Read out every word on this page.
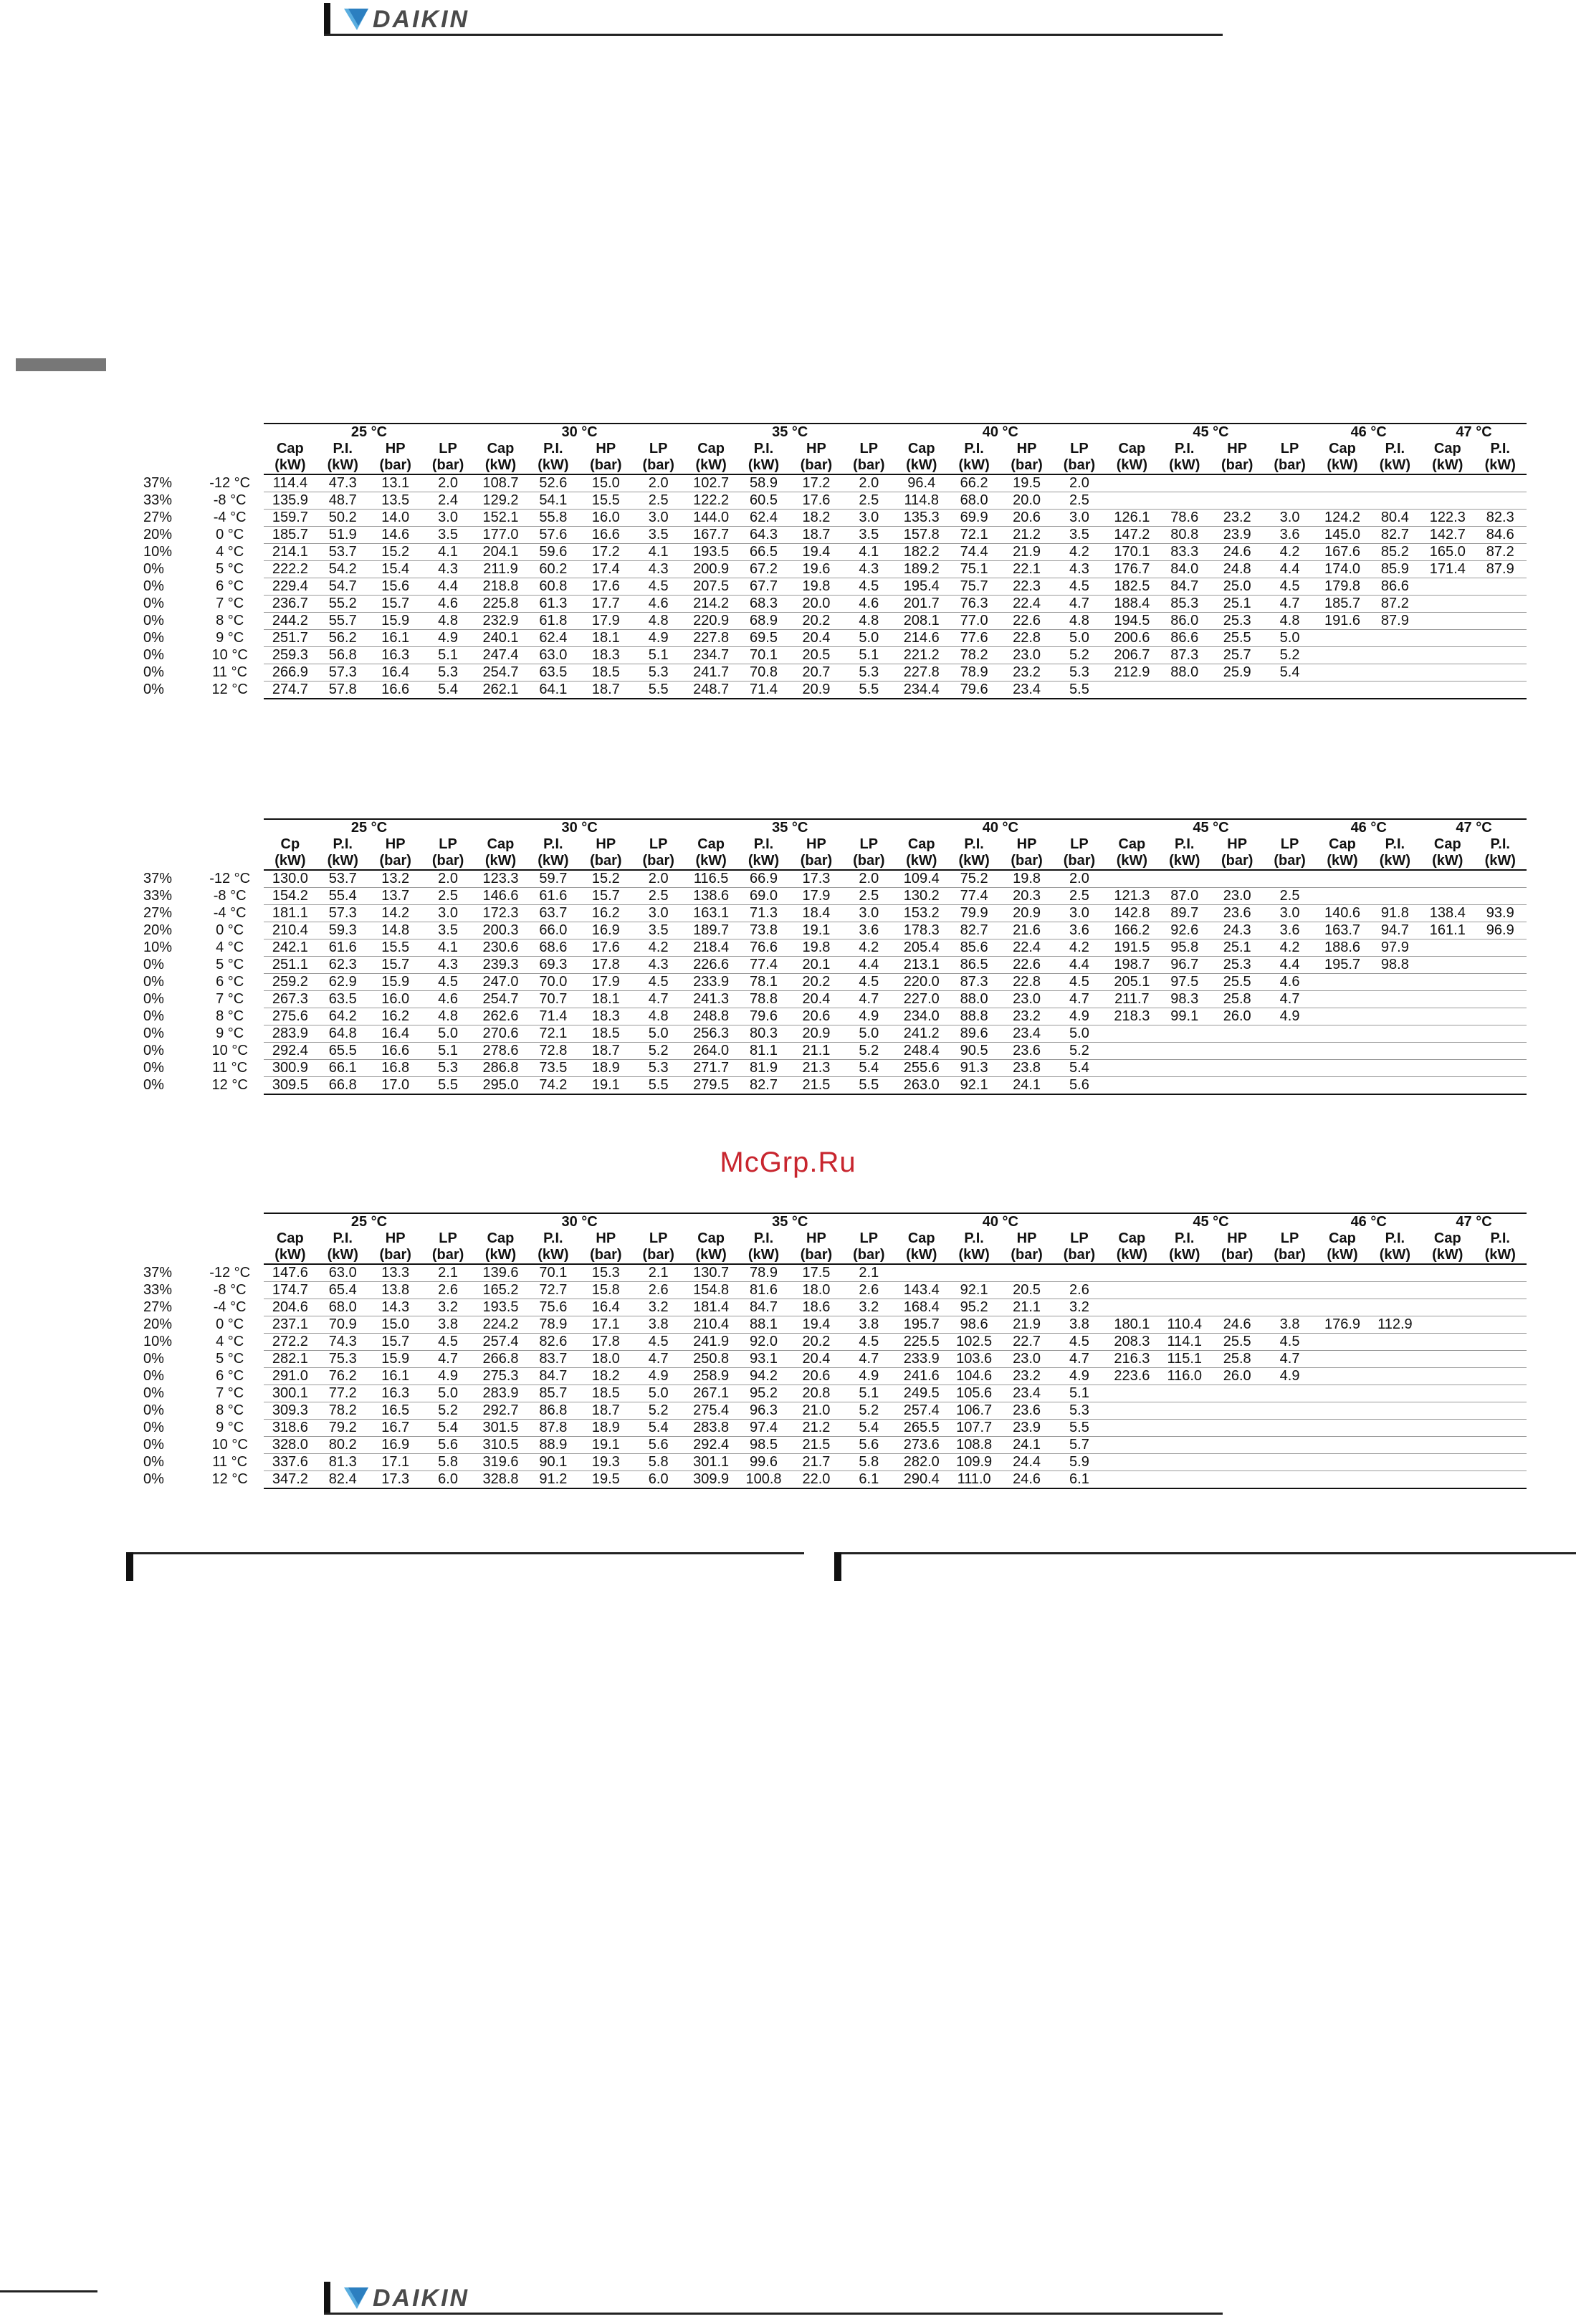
DAIKIN
		25 °C				30 °C				35 °C				40 °C				45 °C				46 °C		47 °C	
		Cap	P.I.	HP	LP	Cap	P.I.	HP	LP	Cap	P.I.	HP	LP	Cap	P.I.	HP	LP	Cap	P.I.	HP	LP	Cap	P.I.	Cap	P.I.
		(kW)	(kW)	(bar)	(bar)	(kW)	(kW)	(bar)	(bar)	(kW)	(kW)	(bar)	(bar)	(kW)	(kW)	(bar)	(bar)	(kW)	(kW)	(bar)	(bar)	(kW)	(kW)	(kW)	(kW)
37%	-12 °C	114.4	47.3	13.1	2.0	108.7	52.6	15.0	2.0	102.7	58.9	17.2	2.0	96.4	66.2	19.5	2.0								
33%	-8 °C	135.9	48.7	13.5	2.4	129.2	54.1	15.5	2.5	122.2	60.5	17.6	2.5	114.8	68.0	20.0	2.5								
27%	-4 °C	159.7	50.2	14.0	3.0	152.1	55.8	16.0	3.0	144.0	62.4	18.2	3.0	135.3	69.9	20.6	3.0	126.1	78.6	23.2	3.0	124.2	80.4	122.3	82.3
20%	0 °C	185.7	51.9	14.6	3.5	177.0	57.6	16.6	3.5	167.7	64.3	18.7	3.5	157.8	72.1	21.2	3.5	147.2	80.8	23.9	3.6	145.0	82.7	142.7	84.6
10%	4 °C	214.1	53.7	15.2	4.1	204.1	59.6	17.2	4.1	193.5	66.5	19.4	4.1	182.2	74.4	21.9	4.2	170.1	83.3	24.6	4.2	167.6	85.2	165.0	87.2
0%	5 °C	222.2	54.2	15.4	4.3	211.9	60.2	17.4	4.3	200.9	67.2	19.6	4.3	189.2	75.1	22.1	4.3	176.7	84.0	24.8	4.4	174.0	85.9	171.4	87.9
0%	6 °C	229.4	54.7	15.6	4.4	218.8	60.8	17.6	4.5	207.5	67.7	19.8	4.5	195.4	75.7	22.3	4.5	182.5	84.7	25.0	4.5	179.8	86.6		
0%	7 °C	236.7	55.2	15.7	4.6	225.8	61.3	17.7	4.6	214.2	68.3	20.0	4.6	201.7	76.3	22.4	4.7	188.4	85.3	25.1	4.7	185.7	87.2		
0%	8 °C	244.2	55.7	15.9	4.8	232.9	61.8	17.9	4.8	220.9	68.9	20.2	4.8	208.1	77.0	22.6	4.8	194.5	86.0	25.3	4.8	191.6	87.9		
0%	9 °C	251.7	56.2	16.1	4.9	240.1	62.4	18.1	4.9	227.8	69.5	20.4	5.0	214.6	77.6	22.8	5.0	200.6	86.6	25.5	5.0				
0%	10 °C	259.3	56.8	16.3	5.1	247.4	63.0	18.3	5.1	234.7	70.1	20.5	5.1	221.2	78.2	23.0	5.2	206.7	87.3	25.7	5.2				
0%	11 °C	266.9	57.3	16.4	5.3	254.7	63.5	18.5	5.3	241.7	70.8	20.7	5.3	227.8	78.9	23.2	5.3	212.9	88.0	25.9	5.4				
0%	12 °C	274.7	57.8	16.6	5.4	262.1	64.1	18.7	5.5	248.7	71.4	20.9	5.5	234.4	79.6	23.4	5.5								
		25 °C				30 °C				35 °C				40 °C				45 °C				46 °C		47 °C	
		Cp	P.I.	HP	LP	Cap	P.I.	HP	LP	Cap	P.I.	HP	LP	Cap	P.I.	HP	LP	Cap	P.I.	HP	LP	Cap	P.I.	Cap	P.I.
		(kW)	(kW)	(bar)	(bar)	(kW)	(kW)	(bar)	(bar)	(kW)	(kW)	(bar)	(bar)	(kW)	(kW)	(bar)	(bar)	(kW)	(kW)	(bar)	(bar)	(kW)	(kW)	(kW)	(kW)
37%	-12 °C	130.0	53.7	13.2	2.0	123.3	59.7	15.2	2.0	116.5	66.9	17.3	2.0	109.4	75.2	19.8	2.0								
33%	-8 °C	154.2	55.4	13.7	2.5	146.6	61.6	15.7	2.5	138.6	69.0	17.9	2.5	130.2	77.4	20.3	2.5	121.3	87.0	23.0	2.5				
27%	-4 °C	181.1	57.3	14.2	3.0	172.3	63.7	16.2	3.0	163.1	71.3	18.4	3.0	153.2	79.9	20.9	3.0	142.8	89.7	23.6	3.0	140.6	91.8	138.4	93.9
20%	0 °C	210.4	59.3	14.8	3.5	200.3	66.0	16.9	3.5	189.7	73.8	19.1	3.6	178.3	82.7	21.6	3.6	166.2	92.6	24.3	3.6	163.7	94.7	161.1	96.9
10%	4 °C	242.1	61.6	15.5	4.1	230.6	68.6	17.6	4.2	218.4	76.6	19.8	4.2	205.4	85.6	22.4	4.2	191.5	95.8	25.1	4.2	188.6	97.9		
0%	5 °C	251.1	62.3	15.7	4.3	239.3	69.3	17.8	4.3	226.6	77.4	20.1	4.4	213.1	86.5	22.6	4.4	198.7	96.7	25.3	4.4	195.7	98.8		
0%	6 °C	259.2	62.9	15.9	4.5	247.0	70.0	17.9	4.5	233.9	78.1	20.2	4.5	220.0	87.3	22.8	4.5	205.1	97.5	25.5	4.6				
0%	7 °C	267.3	63.5	16.0	4.6	254.7	70.7	18.1	4.7	241.3	78.8	20.4	4.7	227.0	88.0	23.0	4.7	211.7	98.3	25.8	4.7				
0%	8 °C	275.6	64.2	16.2	4.8	262.6	71.4	18.3	4.8	248.8	79.6	20.6	4.9	234.0	88.8	23.2	4.9	218.3	99.1	26.0	4.9				
0%	9 °C	283.9	64.8	16.4	5.0	270.6	72.1	18.5	5.0	256.3	80.3	20.9	5.0	241.2	89.6	23.4	5.0								
0%	10 °C	292.4	65.5	16.6	5.1	278.6	72.8	18.7	5.2	264.0	81.1	21.1	5.2	248.4	90.5	23.6	5.2								
0%	11 °C	300.9	66.1	16.8	5.3	286.8	73.5	18.9	5.3	271.7	81.9	21.3	5.4	255.6	91.3	23.8	5.4								
0%	12 °C	309.5	66.8	17.0	5.5	295.0	74.2	19.1	5.5	279.5	82.7	21.5	5.5	263.0	92.1	24.1	5.6								
McGrp.Ru
		25 °C				30 °C				35 °C				40 °C				45 °C				46 °C		47 °C	
		Cap	P.I.	HP	LP	Cap	P.I.	HP	LP	Cap	P.I.	HP	LP	Cap	P.I.	HP	LP	Cap	P.I.	HP	LP	Cap	P.I.	Cap	P.I.
		(kW)	(kW)	(bar)	(bar)	(kW)	(kW)	(bar)	(bar)	(kW)	(kW)	(bar)	(bar)	(kW)	(kW)	(bar)	(bar)	(kW)	(kW)	(bar)	(bar)	(kW)	(kW)	(kW)	(kW)
37%	-12 °C	147.6	63.0	13.3	2.1	139.6	70.1	15.3	2.1	130.7	78.9	17.5	2.1												
33%	-8 °C	174.7	65.4	13.8	2.6	165.2	72.7	15.8	2.6	154.8	81.6	18.0	2.6	143.4	92.1	20.5	2.6								
27%	-4 °C	204.6	68.0	14.3	3.2	193.5	75.6	16.4	3.2	181.4	84.7	18.6	3.2	168.4	95.2	21.1	3.2								
20%	0 °C	237.1	70.9	15.0	3.8	224.2	78.9	17.1	3.8	210.4	88.1	19.4	3.8	195.7	98.6	21.9	3.8	180.1	110.4	24.6	3.8	176.9	112.9		
10%	4 °C	272.2	74.3	15.7	4.5	257.4	82.6	17.8	4.5	241.9	92.0	20.2	4.5	225.5	102.5	22.7	4.5	208.3	114.1	25.5	4.5				
0%	5 °C	282.1	75.3	15.9	4.7	266.8	83.7	18.0	4.7	250.8	93.1	20.4	4.7	233.9	103.6	23.0	4.7	216.3	115.1	25.8	4.7				
0%	6 °C	291.0	76.2	16.1	4.9	275.3	84.7	18.2	4.9	258.9	94.2	20.6	4.9	241.6	104.6	23.2	4.9	223.6	116.0	26.0	4.9				
0%	7 °C	300.1	77.2	16.3	5.0	283.9	85.7	18.5	5.0	267.1	95.2	20.8	5.1	249.5	105.6	23.4	5.1								
0%	8 °C	309.3	78.2	16.5	5.2	292.7	86.8	18.7	5.2	275.4	96.3	21.0	5.2	257.4	106.7	23.6	5.3								
0%	9 °C	318.6	79.2	16.7	5.4	301.5	87.8	18.9	5.4	283.8	97.4	21.2	5.4	265.5	107.7	23.9	5.5								
0%	10 °C	328.0	80.2	16.9	5.6	310.5	88.9	19.1	5.6	292.4	98.5	21.5	5.6	273.6	108.8	24.1	5.7								
0%	11 °C	337.6	81.3	17.1	5.8	319.6	90.1	19.3	5.8	301.1	99.6	21.7	5.8	282.0	109.9	24.4	5.9								
0%	12 °C	347.2	82.4	17.3	6.0	328.8	91.2	19.5	6.0	309.9	100.8	22.0	6.1	290.4	111.0	24.6	6.1								
DAIKIN
